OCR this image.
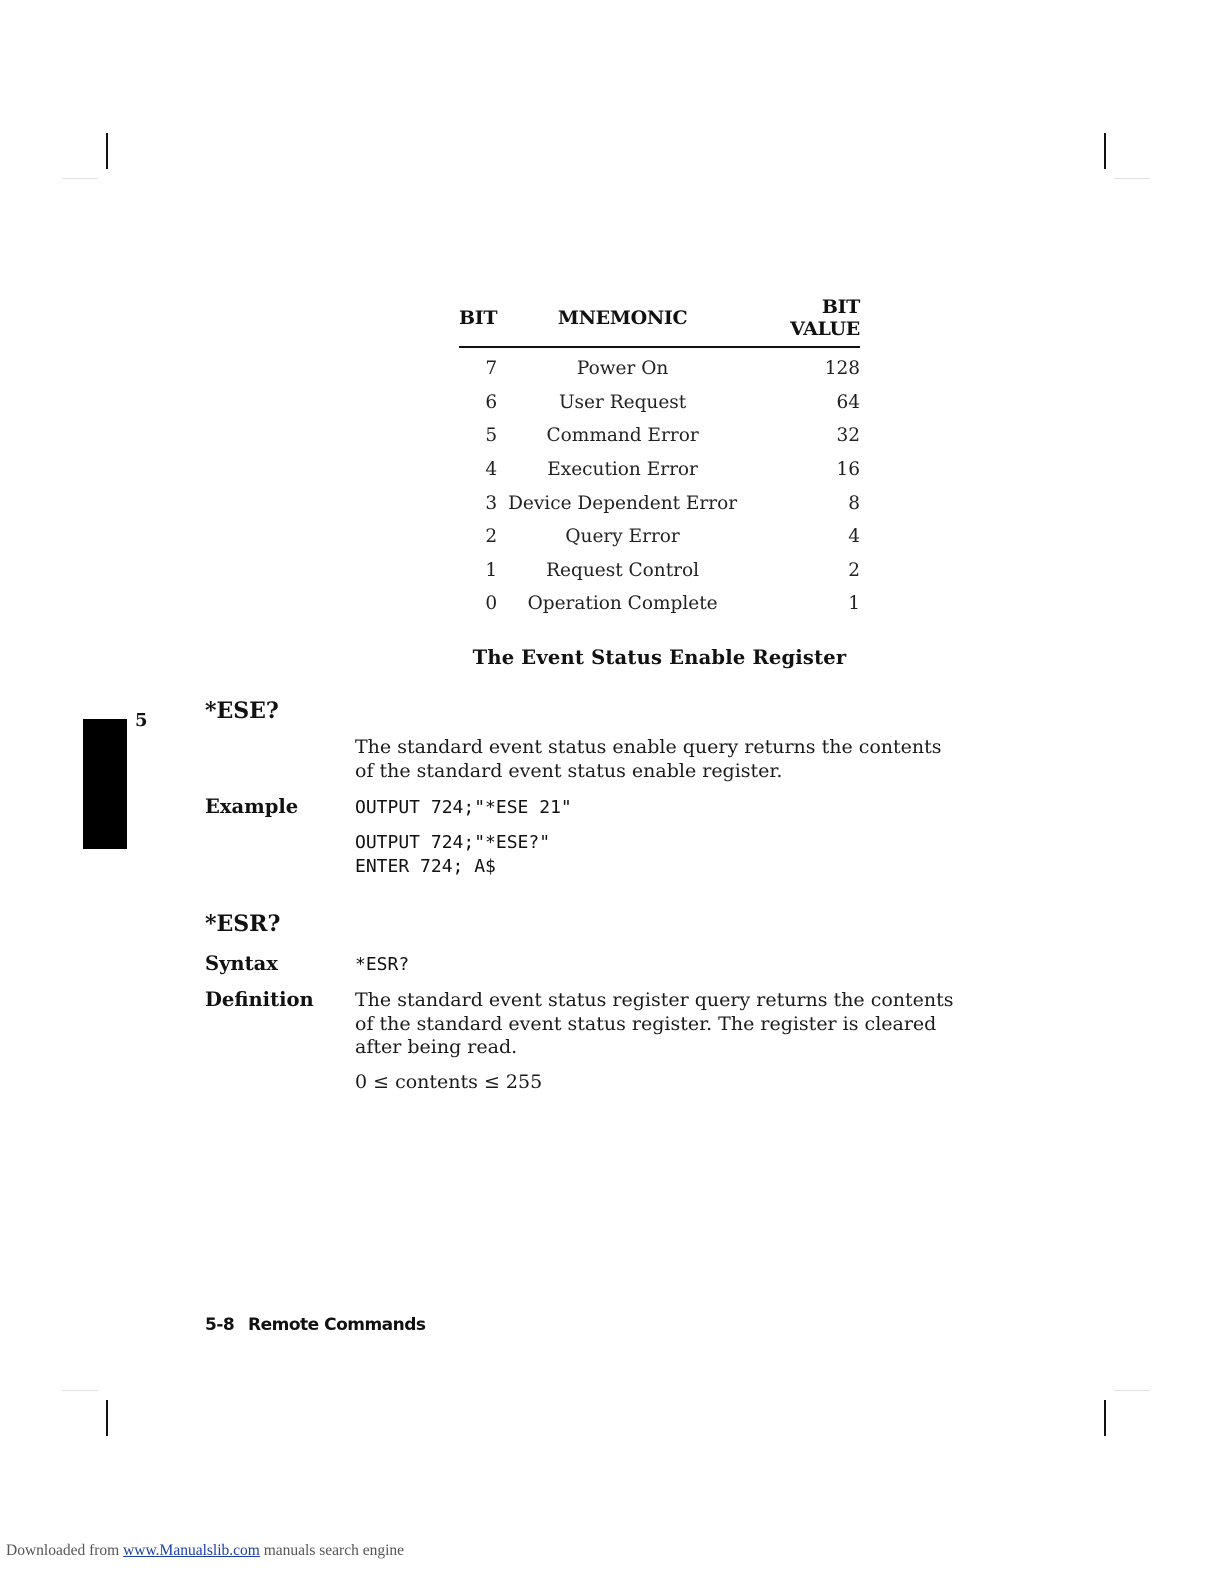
BIT	MNEMONIC	BIT VALUE
7	Power On	128
6	User Request	64
5	Command Error	32
4	Execution Error	16
3	Device Dependent Error	8
2	Query Error	4
1	Request Control	2
0	Operation Complete	1
The Event Status Enable Register
5	*ESE?
The standard event status enable query returns the contents of the standard event status enable register.
Example	OUTPUT 724;"*ESE 21"
OUTPUT 724;"*ESE?"
ENTER 724; A$
*ESR?
Syntax	*ESR?
Definition The standard event status register query returns the contents of the standard event status register. The register is cleared after being read.
0 ≤ contents ≤ 255
5-8 Remote Commands
Downloaded from www.Manualslib.com manuals search engine
